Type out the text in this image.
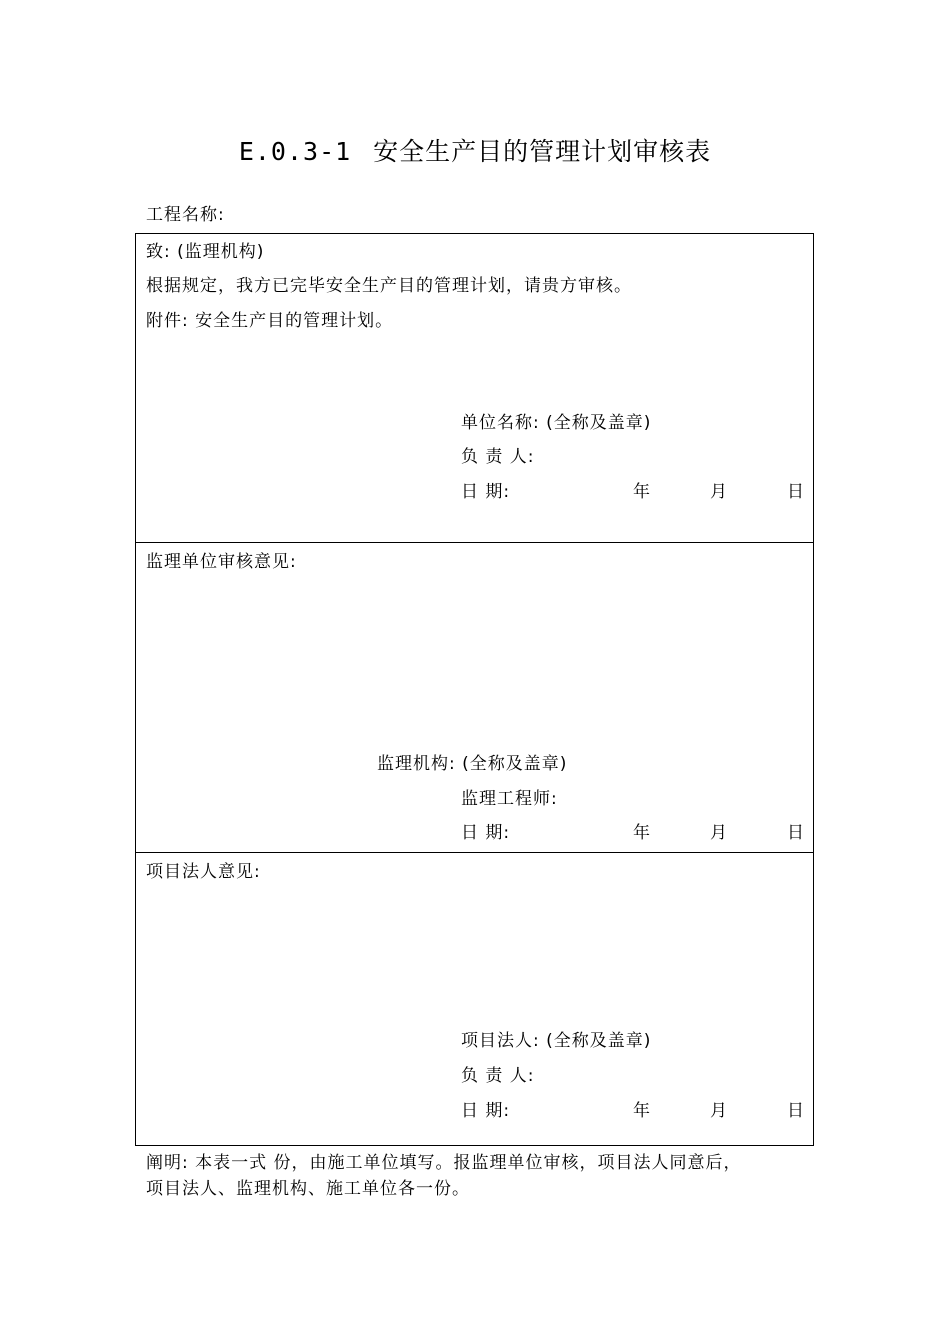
E.0.3-1 安全生产目的管理计划审核表
工程名称:
致: (监理机构)
根据规定，我方已完毕安全生产目的管理计划，请贵方审核。
附件: 安全生产目的管理计划。
单位名称: (全称及盖章)
负 责 人:
日 期:	年	月	日
监理单位审核意见:
监理机构: (全称及盖章)
监理工程师:
日 期:	年	月	日
项目法人意见:
项目法人: (全称及盖章)
负 责 人:
日 期:	年	月	日
阐明: 本表一式 份，由施工单位填写。报监理单位审核，项目法人同意后，
项目法人、监理机构、施工单位各一份。
